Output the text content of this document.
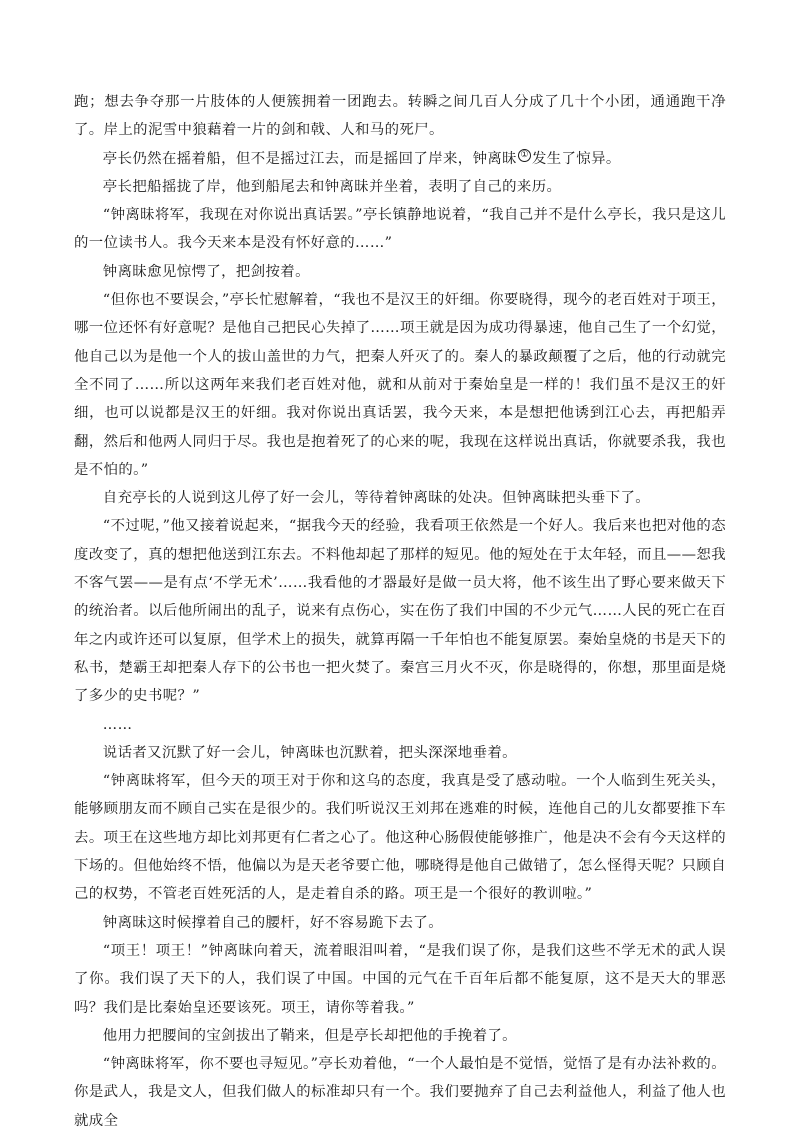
跑；想去争夺那一片肢体的人便簇拥着一团跑去。转瞬之间几百人分成了几十个小团，通通跑干净了。岸上的泥雪中狼藉着一片的剑和戟、人和马的死尸。

亭长仍然在摇着船，但不是摇过江去，而是摇回了岸来，钟离昧 ① 发生了惊异。

亭长把船摇拢了岸，他到船尾去和钟离昧并坐着，表明了自己的来历。

“钟离昧将军，我现在对你说出真话罢。”亭长镇静地说着，“我自己并不是什么亭长，我只是这儿的一位读书人。我今天来本是没有怀好意的……”

钟离昧愈见惊愕了，把剑按着。

“但你也不要误会，”亭长忙慰解着，“我也不是汉王的奸细。你要晓得，现今的老百姓对于项王，哪一位还怀有好意呢？是他自己把民心失掉了……项王就是因为成功得暴速，他自己生了一个幻觉，他自己以为是他一个人的拔山盖世的力气，把秦人歼灭了的。秦人的暴政颠覆了之后，他的行动就完全不同了……所以这两年来我们老百姓对他，就和从前对于秦始皇是一样的！我们虽不是汉王的奸细，也可以说都是汉王的奸细。我对你说出真话罢，我今天来，本是想把他诱到江心去，再把船弄翻，然后和他两人同归于尽。我也是抱着死了的心来的呢，我现在这样说出真话，你就要杀我，我也是不怕的。”

自充亭长的人说到这儿停了好一会儿，等待着钟离昧的处决。但钟离昧把头垂下了。

“不过呢，”他又接着说起来，“据我今天的经验，我看项王依然是一个好人。我后来也把对他的态度改变了，真的想把他送到江东去。不料他却起了那样的短见。他的短处在于太年轻，而且——恕我不客气罢——是有点‘不学无术’……我看他的才器最好是做一员大将，他不该生出了野心要来做天下的统治者。以后他所闹出的乱子，说来有点伤心，实在伤了我们中国的不少元气……人民的死亡在百年之内或许还可以复原，但学术上的损失，就算再隔一千年怕也不能复原罢。秦始皇烧的书是天下的私书，楚霸王却把秦人存下的公书也一把火焚了。秦宫三月火不灭，你是晓得的，你想，那里面是烧了多少的史书呢？”

……

说话者又沉默了好一会儿，钟离昧也沉默着，把头深深地垂着。

“钟离昧将军，但今天的项王对于你和这乌的态度，我真是受了感动啦。一个人临到生死关头，能够顾朋友而不顾自己实在是很少的。我们听说汉王刘邦在逃难的时候，连他自己的儿女都要推下车去。项王在这些地方却比刘邦更有仁者之心了。他这种心肠假使能够推广，他是决不会有今天这样的下场的。但他始终不悟，他偏以为是天老爷要亡他，哪晓得是他自己做错了，怎么怪得天呢？只顾自己的权势，不管老百姓死活的人，是走着自杀的路。项王是一个很好的教训啦。”

钟离昧这时候撑着自己的腰杆，好不容易跪下去了。

“项王！项王！”钟离昧向着天，流着眼泪叫着，“是我们误了你，是我们这些不学无术的武人误了你。我们误了天下的人，我们误了中国。中国的元气在千百年后都不能复原，这不是天大的罪恶吗？我们是比秦始皇还要该死。项王，请你等着我。”

他用力把腰间的宝剑拔出了鞘来，但是亭长却把他的手挽着了。

“钟离昧将军，你不要也寻短见。”亭长劝着他，“一个人最怕是不觉悟，觉悟了是有办法补救的。你是武人，我是文人，但我们做人的标准却只有一个。我们要抛弃了自己去利益他人，利益了他人也就成全
